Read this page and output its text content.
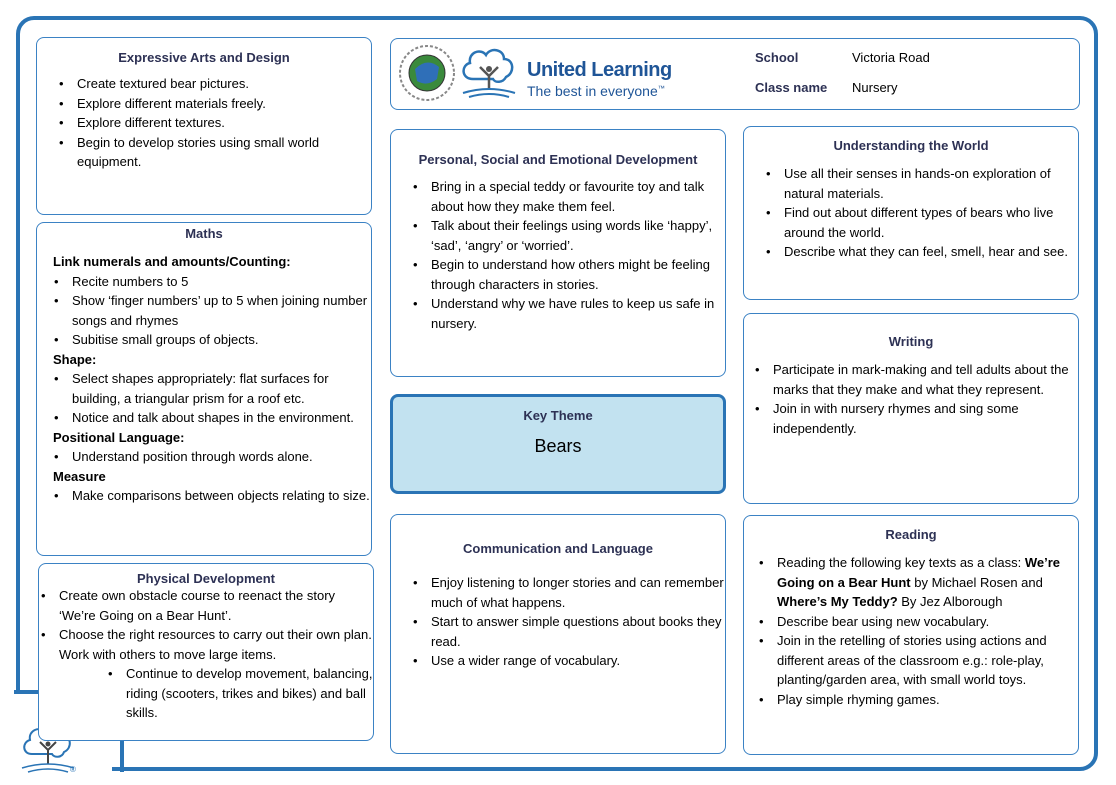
®
United Learning
The best in everyone™
School	Victoria Road
Class name Nursery
Expressive Arts and Design
• Create textured bear pictures.
• Explore different materials freely.
• Explore different textures.
• Begin to develop stories using small world equipment.
Maths
Link numerals and amounts/Counting:
• Recite numbers to 5
• Show ‘finger numbers’ up to 5 when joining number songs and rhymes
• Subitise small groups of objects.
Shape:
• Select shapes appropriately: flat surfaces for building, a triangular prism for a roof etc.
• Notice and talk about shapes in the environment.
Positional Language:
• Understand position through words alone.
Measure
• Make comparisons between objects relating to size.
Physical Development
• Create own obstacle course to reenact the story ‘We’re Going on a Bear Hunt’.
• Choose the right resources to carry out their own plan. Work with others to move large items.
• Continue to develop movement, balancing, riding (scooters, trikes and bikes) and ball skills.
Personal, Social and Emotional Development
• Bring in a special teddy or favourite toy and talk about how they make them feel.
• Talk about their feelings using words like ‘happy’, ‘sad’, ‘angry’ or ‘worried’.
• Begin to understand how others might be feeling through characters in stories.
• Understand why we have rules to keep us safe in nursery.
Key Theme
Bears
Communication and Language
• Enjoy listening to longer stories and can remember much of what happens.
• Start to answer simple questions about books they read.
• Use a wider range of vocabulary.
Understanding the World
• Use all their senses in hands-on exploration of natural materials.
• Find out about different types of bears who live around the world.
• Describe what they can feel, smell, hear and see.
Writing
• Participate in mark-making and tell adults about the marks that they make and what they represent.
• Join in with nursery rhymes and sing some independently.
Reading
• Reading the following key texts as a class: We’re Going on a Bear Hunt by Michael Rosen and Where’s My Teddy? By Jez Alborough
• Describe bear using new vocabulary.
• Join in the retelling of stories using actions and different areas of the classroom e.g.: role-play, planting/garden area, with small world toys.
• Play simple rhyming games.
